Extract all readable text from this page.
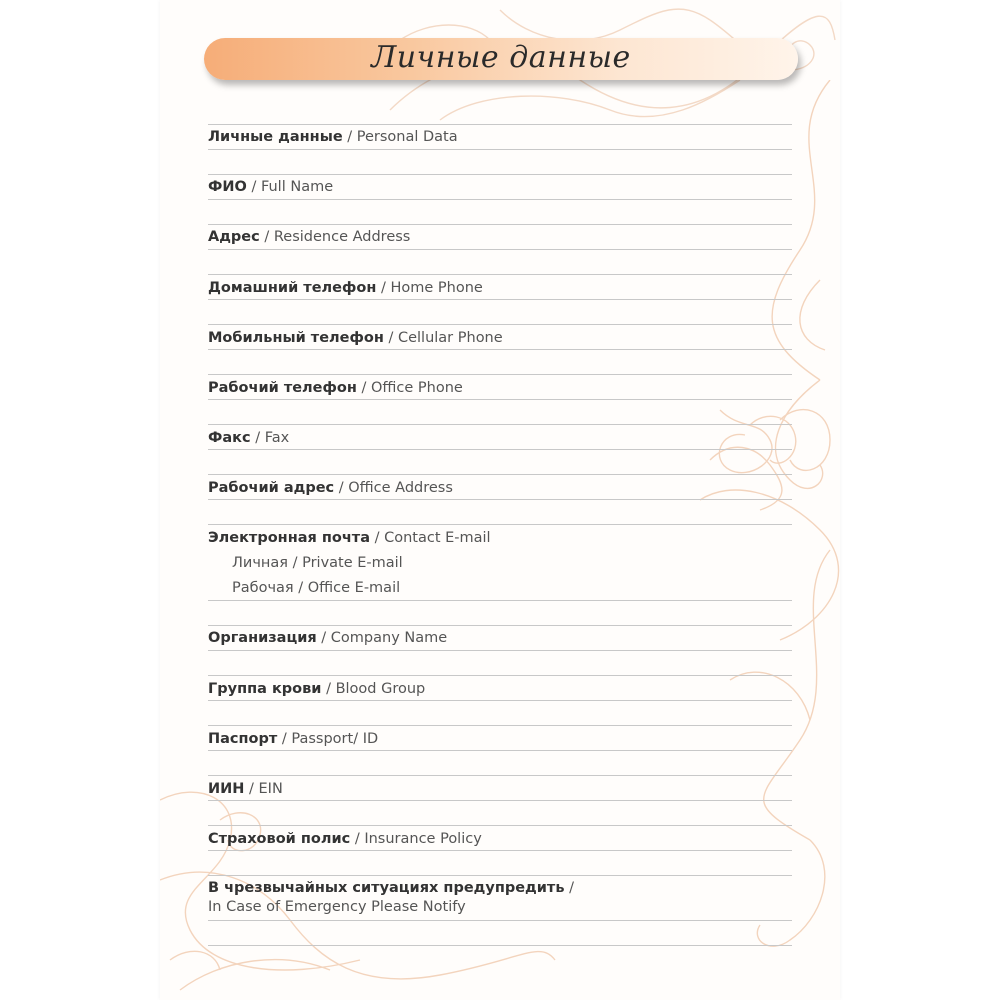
Личные данные
Личные данные / Personal Data
ФИО / Full Name
Адрес / Residence Address
Домашний телефон / Home Phone
Мобильный телефон / Cellular Phone
Рабочий телефон / Office Phone
Факс / Fax
Рабочий адрес / Office Address
Электронная почта / Contact E-mail
Личная / Private E-mail
Рабочая / Office E-mail
Организация / Company Name
Группа крови / Blood Group
Паспорт / Passport/ ID
ИИН / EIN
Страховой полис / Insurance Policy
В чрезвычайных ситуациях предупредить /
In Case of Emergency Please Notify
